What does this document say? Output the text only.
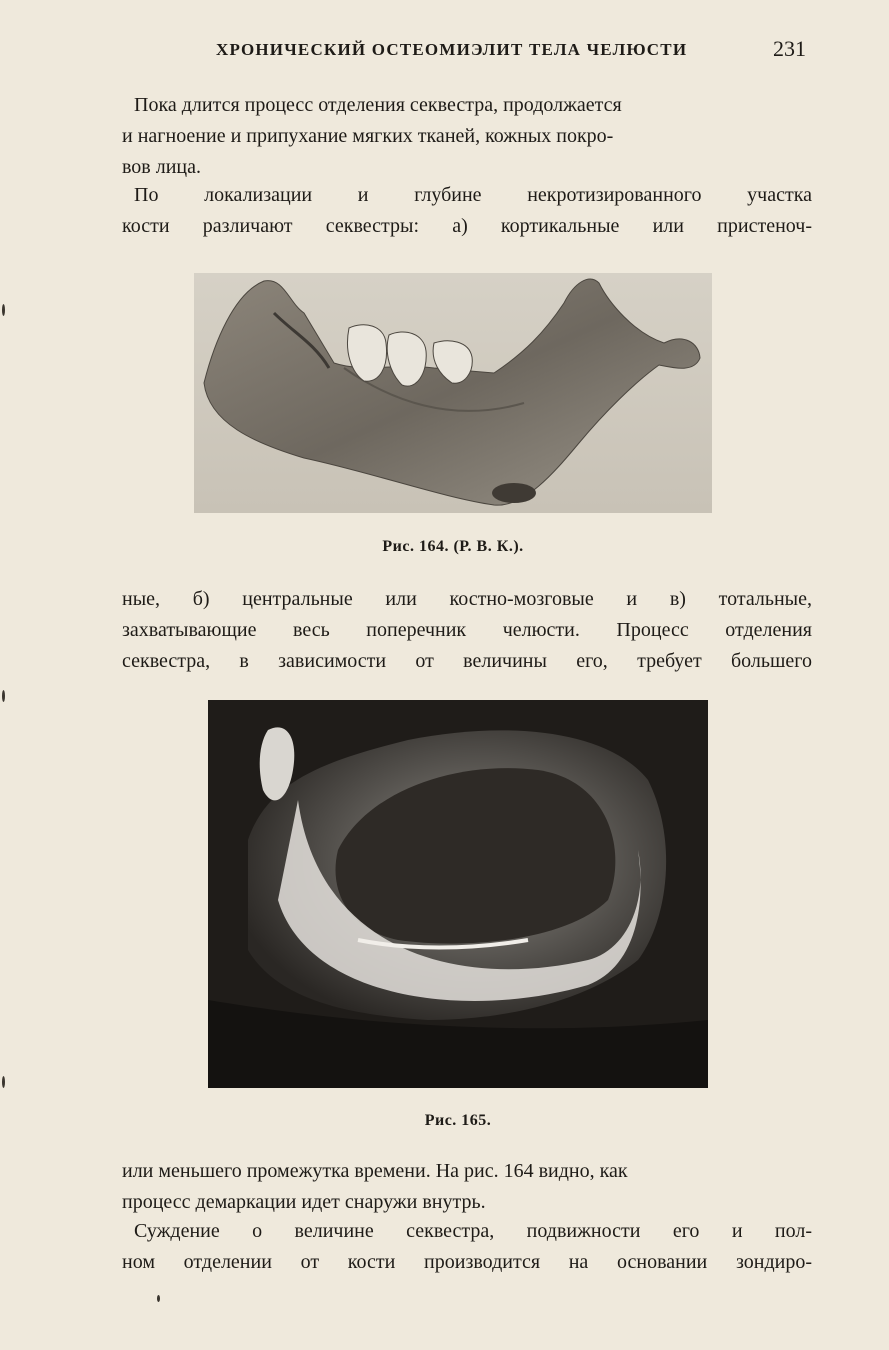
ХРОНИЧЕСКИЙ ОСТЕОМИЭЛИТ ТЕЛА ЧЕЛЮСТИ	231
Пока длится процесс отделения секвестра, продолжается
и нагноение и припухание мягких тканей, кожных покро-
вов лица.
По локализации и глубине некротизированного участка
кости различают секвестры: а) кортикальные или пристеноч-
Рис. 164. (Р. В. К.).
ные, б) центральные или костно-мозговые и в) тотальные,
захватывающие весь поперечник челюсти. Процесс отделения
секвестра, в зависимости от величины его, требует большего
Рис. 165.
или меньшего промежутка времени. На рис. 164 видно, как
процесс демаркации идет снаружи внутрь.
Суждение о величине секвестра, подвижности его и пол-
ном отделении от кости производится на основании зондиро-
